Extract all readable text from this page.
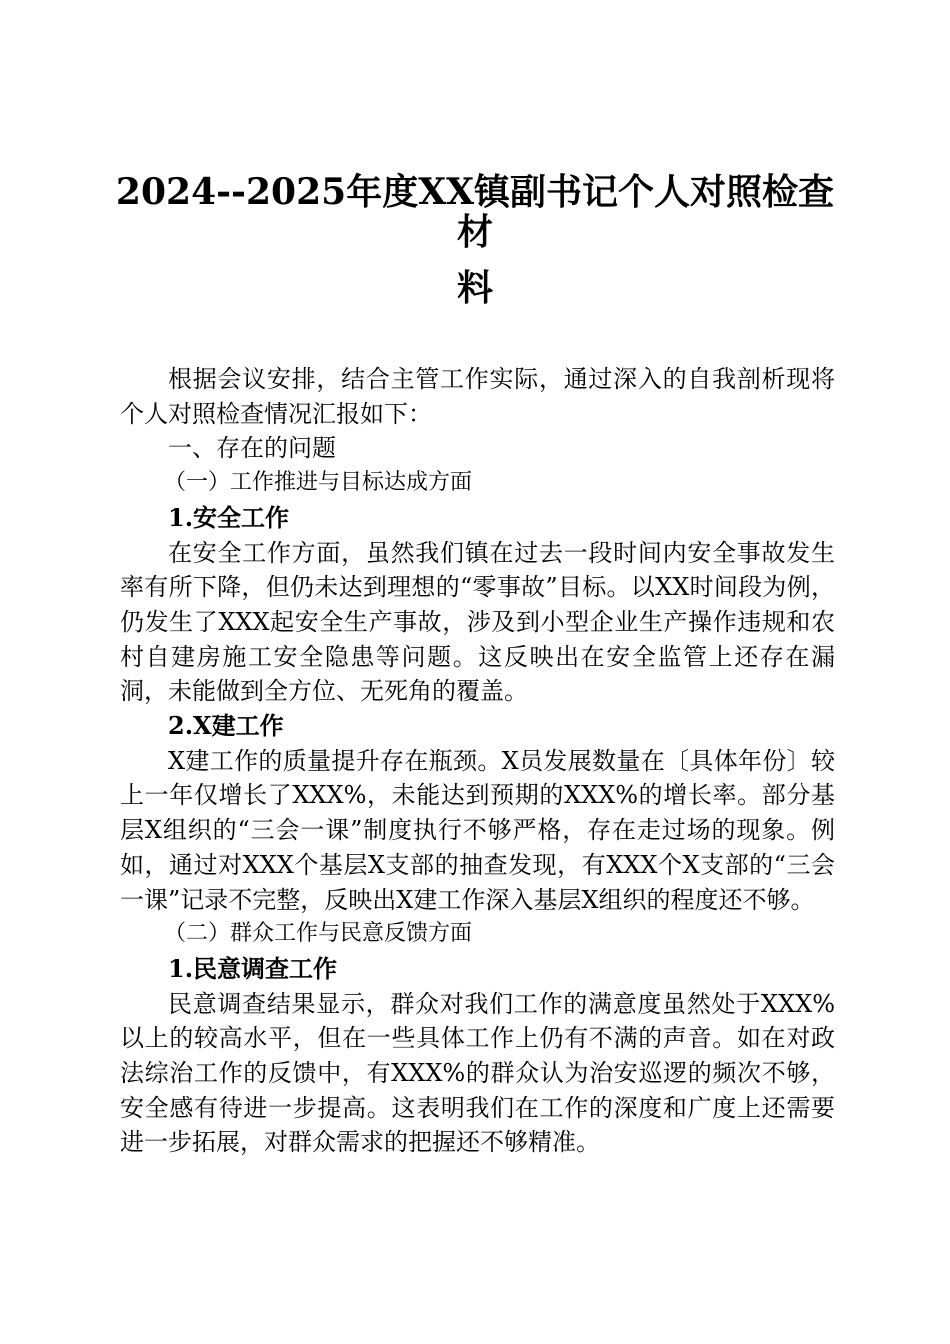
2024--2025年度XX镇副书记个人对照检查材
料

根据会议安排，结合主管工作实际，通过深入的自我剖析现将个人对照检查情况汇报如下：

一、存在的问题

（一）工作推进与目标达成方面

1.安全工作

在安全工作方面，虽然我们镇在过去一段时间内安全事故发生率有所下降，但仍未达到理想的“零事故”目标。以XX时间段为例，仍发生了XXX起安全生产事故，涉及到小型企业生产操作违规和农村自建房施工安全隐患等问题。这反映出在安全监管上还存在漏洞，未能做到全方位、无死角的覆盖。

2.X建工作

X建工作的质量提升存在瓶颈。X员发展数量在〔具体年份〕较上一年仅增长了XXX%，未能达到预期的XXX%的增长率。部分基层X组织的“三会一课”制度执行不够严格，存在走过场的现象。例如，通过对XXX个基层X支部的抽查发现，有XXX个X支部的“三会一课”记录不完整，反映出X建工作深入基层X组织的程度还不够。

（二）群众工作与民意反馈方面

1.民意调查工作

民意调查结果显示，群众对我们工作的满意度虽然处于XXX%以上的较高水平，但在一些具体工作上仍有不满的声音。如在对政法综治工作的反馈中，有XXX%的群众认为治安巡逻的频次不够，安全感有待进一步提高。这表明我们在工作的深度和广度上还需要进一步拓展，对群众需求的把握还不够精准。
